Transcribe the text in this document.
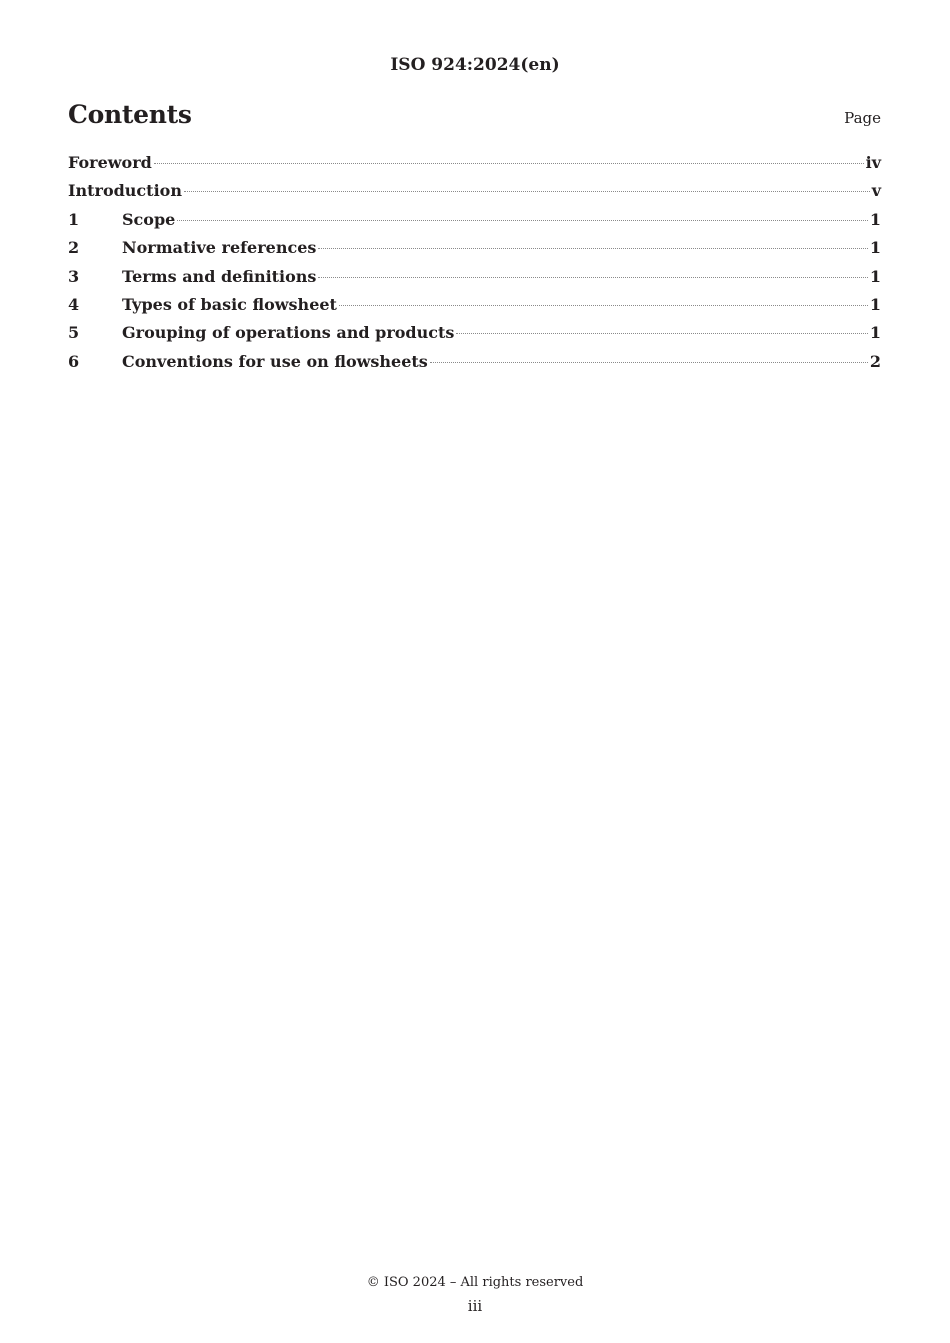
ISO 924:2024(en)
Contents	Page
Foreword	iv
Introduction	v
1	Scope	1
2	Normative references	1
3	Terms and definitions	1
4	Types of basic flowsheet	1
5	Grouping of operations and products	1
6	Conventions for use on flowsheets	2
© ISO 2024 – All rights reserved
iii
